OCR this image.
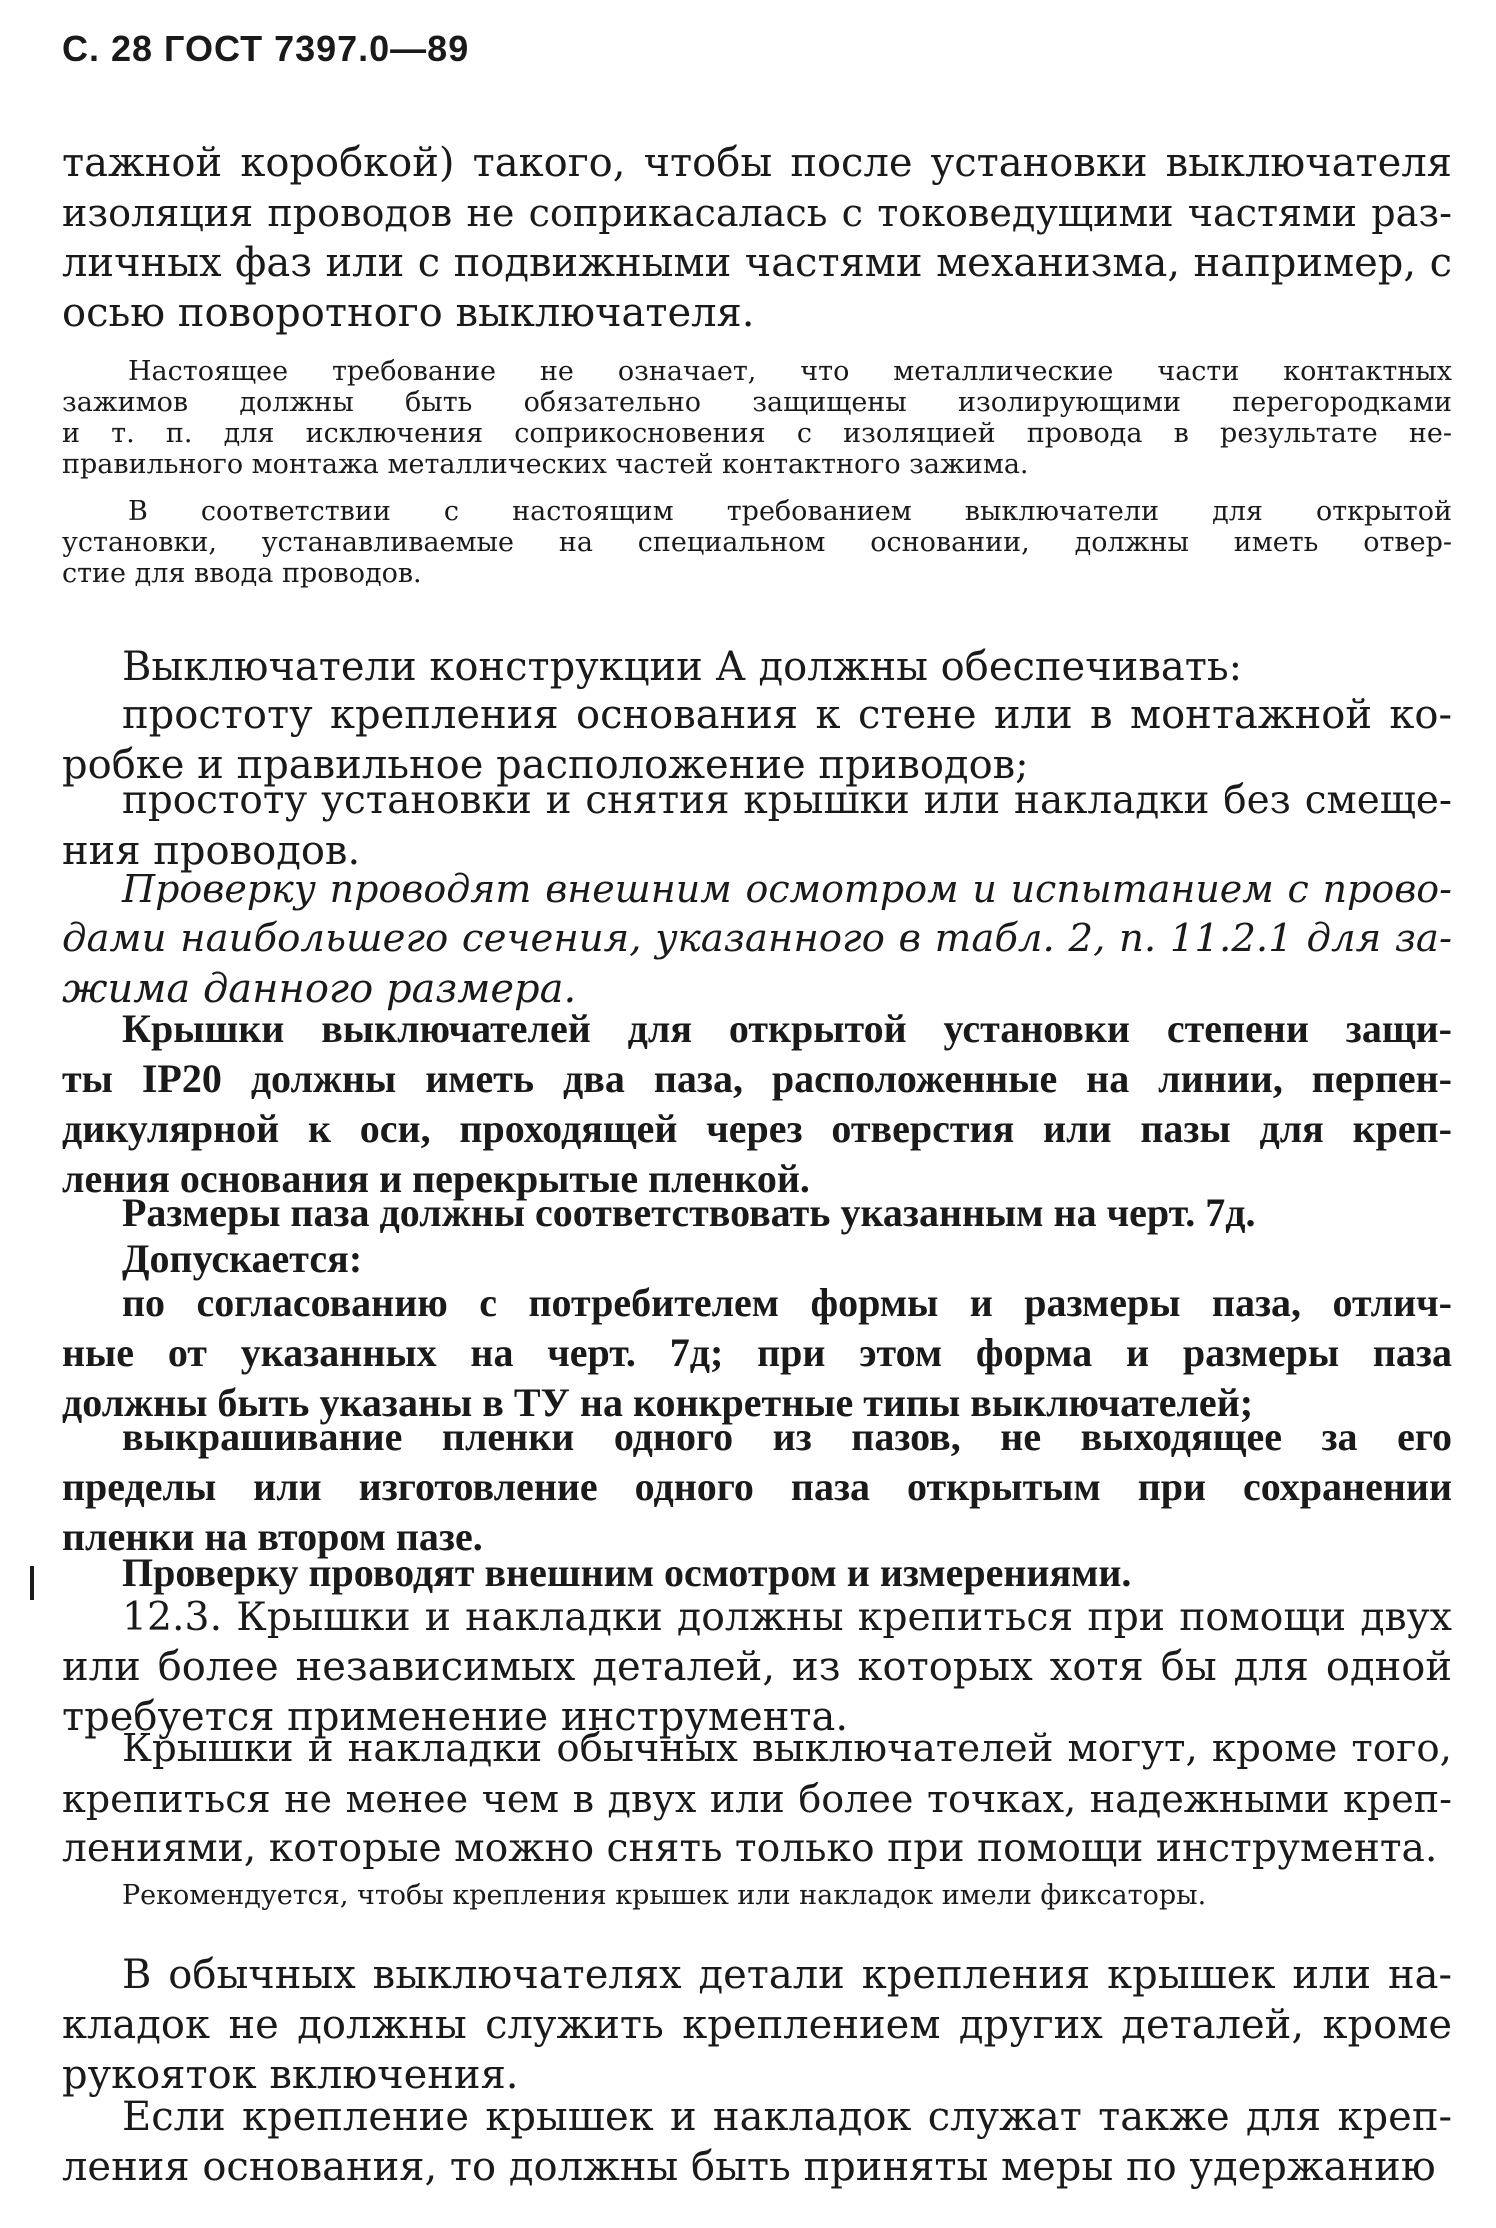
С. 28 ГОСТ 7397.0—89
тажной коробкой) такого, чтобы после установки выключателя
изоляция проводов не соприкасалась с токоведущими частями раз-
личных фаз или с подвижными частями механизма, например, с
осью поворотного выключателя.
Настоящее требование не означает, что металлические части контактных
зажимов должны быть обязательно защищены изолирующими перегородками
и т. п. для исключения соприкосновения с изоляцией провода в результате не-
правильного монтажа металлических частей контактного зажима.
В соответствии с настоящим требованием выключатели для открытой
установки, устанавливаемые на специальном основании, должны иметь отвер-
стие для ввода проводов.
Выключатели конструкции А должны обеспечивать:
простоту крепления основания к стене или в монтажной ко-
робке и правильное расположение приводов;
простоту установки и снятия крышки или накладки без смеще-
ния проводов.
Проверку проводят внешним осмотром и испытанием с прово-
дами наибольшего сечения, указанного в табл. 2, п. 11.2.1 для за-
жима данного размера.
Крышки выключателей для открытой установки степени защи-
ты IP20 должны иметь два паза, расположенные на линии, перпен-
дикулярной к оси, проходящей через отверстия или пазы для креп-
ления основания и перекрытые пленкой.
Размеры паза должны соответствовать указанным на черт. 7д.
Допускается:
по согласованию с потребителем формы и размеры паза, отлич-
ные от указанных на черт. 7д; при этом форма и размеры паза
должны быть указаны в ТУ на конкретные типы выключателей;
выкрашивание пленки одного из пазов, не выходящее за его
пределы или изготовление одного паза открытым при сохранении
пленки на втором пазе.
Проверку проводят внешним осмотром и измерениями.
12.3. Крышки и накладки должны крепиться при помощи двух
или более независимых деталей, из которых хотя бы для одной
требуется применение инструмента.
Крышки и накладки обычных выключателей могут, кроме того,
крепиться не менее чем в двух или более точках, надежными креп-
лениями, которые можно снять только при помощи инструмента.
Рекомендуется, чтобы крепления крышек или накладок имели фиксаторы.
В обычных выключателях детали крепления крышек или на-
кладок не должны служить креплением других деталей, кроме
рукояток включения.
Если крепление крышек и накладок служат также для креп-
ления основания, то должны быть приняты меры по удержанию
